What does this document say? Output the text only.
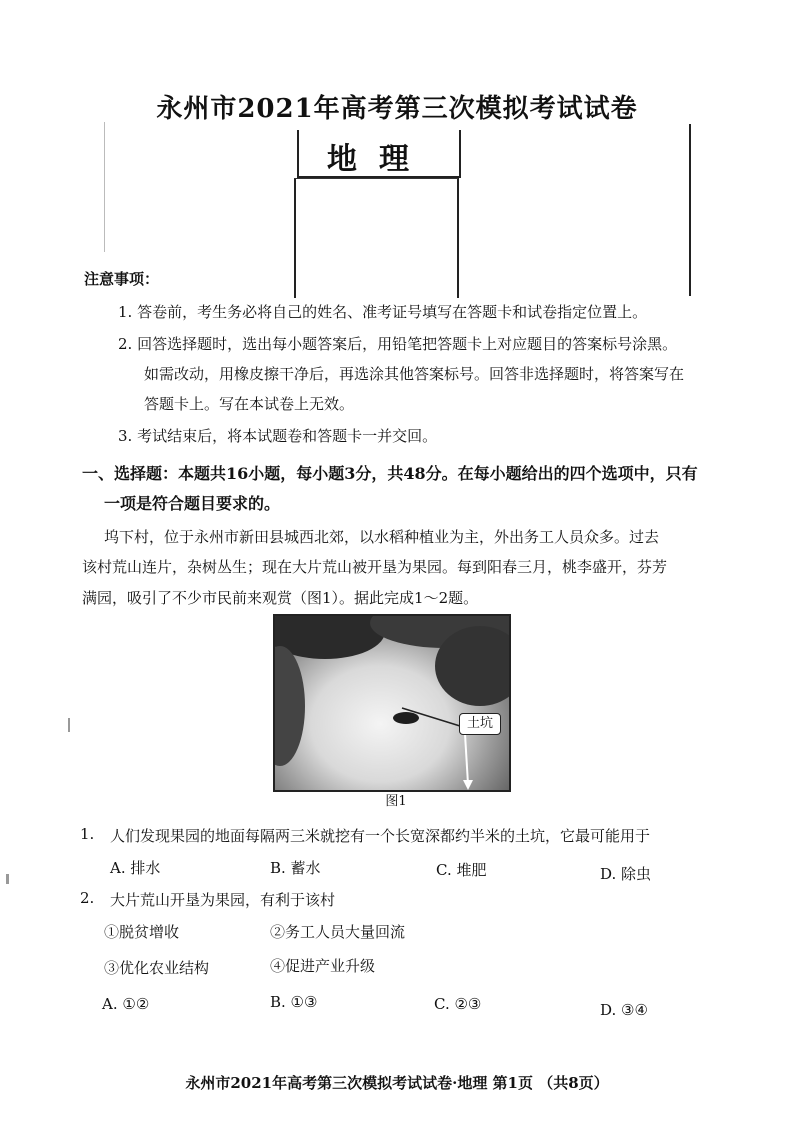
永州市2021年高考第三次模拟考试试卷
地理
注意事项：
1. 答卷前，考生务必将自己的姓名、准考证号填写在答题卡和试卷指定位置上。
2. 回答选择题时，选出每小题答案后，用铅笔把答题卡上对应题目的答案标号涂黑。
如需改动，用橡皮擦干净后，再选涂其他答案标号。回答非选择题时，将答案写在
答题卡上。写在本试卷上无效。
3. 考试结束后，将本试题卷和答题卡一并交回。
一、选择题：本题共16小题，每小题3分，共48分。在每小题给出的四个选项中，只有
一项是符合题目要求的。
坞下村，位于永州市新田县城西北郊，以水稻种植业为主，外出务工人员众多。过去
该村荒山连片，杂树丛生；现在大片荒山被开垦为果园。每到阳春三月，桃李盛开，芬芳
满园，吸引了不少市民前来观赏（图1）。据此完成1～2题。
土坑
图1
1. 人们发现果园的地面每隔两三米就挖有一个长宽深都约半米的土坑，它最可能用于
A. 排水	B. 蓄水	C. 堆肥	D. 除虫
2. 大片荒山开垦为果园，有利于该村
①脱贫增收	②务工人员大量回流
③优化农业结构	④促进产业升级
A. ①②	B. ①③	C. ②③	D. ③④
永州市2021年高考第三次模拟考试试卷·地理 第1页 （共8页）
